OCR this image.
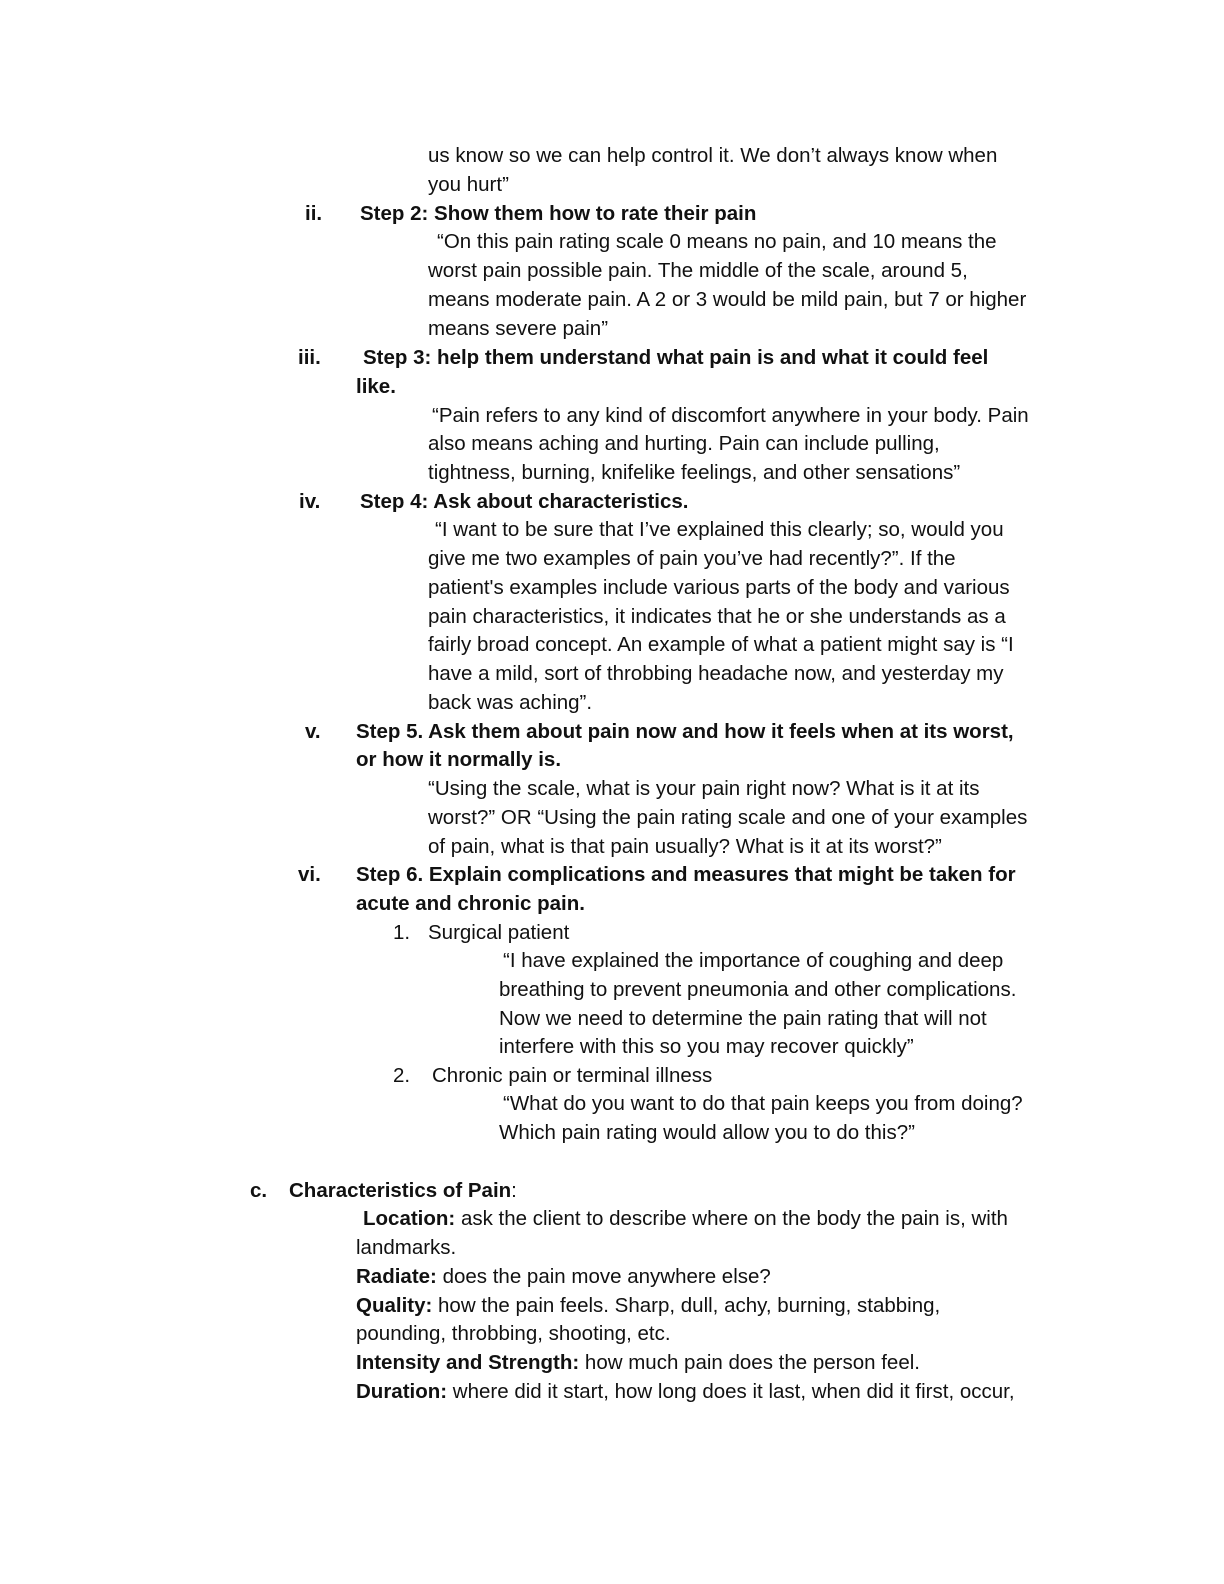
us know so we can help control it. We don’t always know when
you hurt”
ii. Step 2: Show them how to rate their pain
“On this pain rating scale 0 means no pain, and 10 means the
worst pain possible pain. The middle of the scale, around 5,
means moderate pain. A 2 or 3 would be mild pain, but 7 or higher
means severe pain”
iii. Step 3: help them understand what pain is and what it could feel
like.
“Pain refers to any kind of discomfort anywhere in your body. Pain
also means aching and hurting. Pain can include pulling,
tightness, burning, knifelike feelings, and other sensations”
iv. Step 4: Ask about characteristics.
“I want to be sure that I’ve explained this clearly; so, would you
give me two examples of pain you’ve had recently?”. If the
patient's examples include various parts of the body and various
pain characteristics, it indicates that he or she understands as a
fairly broad concept. An example of what a patient might say is “I
have a mild, sort of throbbing headache now, and yesterday my
back was aching”.
v. Step 5. Ask them about pain now and how it feels when at its worst,
or how it normally is.
“Using the scale, what is your pain right now? What is it at its
worst?” OR “Using the pain rating scale and one of your examples
of pain, what is that pain usually? What is it at its worst?”
vi. Step 6. Explain complications and measures that might be taken for
acute and chronic pain.
1. Surgical patient
“I have explained the importance of coughing and deep
breathing to prevent pneumonia and other complications.
Now we need to determine the pain rating that will not
interfere with this so you may recover quickly”
2. Chronic pain or terminal illness
“What do you want to do that pain keeps you from doing?
Which pain rating would allow you to do this?”
c. Characteristics of Pain:
Location: ask the client to describe where on the body the pain is, with
landmarks.
Radiate: does the pain move anywhere else?
Quality: how the pain feels. Sharp, dull, achy, burning, stabbing,
pounding, throbbing, shooting, etc.
Intensity and Strength: how much pain does the person feel.
Duration: where did it start, how long does it last, when did it first, occur,
